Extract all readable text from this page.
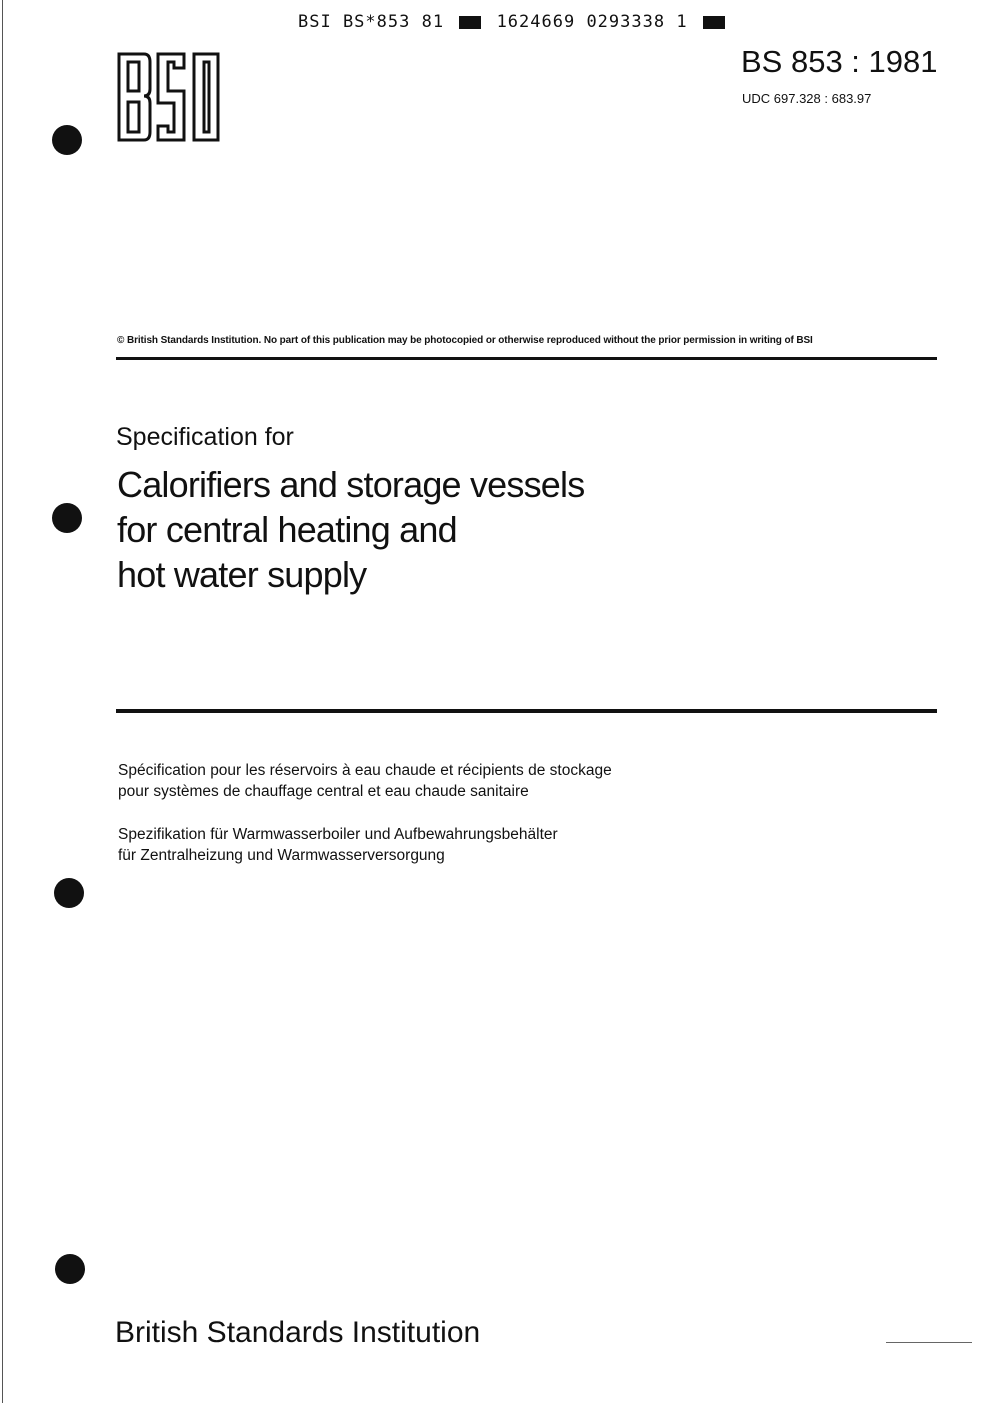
BSI BS*853 81	1624669 0293338 1
BS 853 : 1981
UDC 697.328 : 683.97
© British Standards Institution. No part of this publication may be photocopied or otherwise reproduced without the prior permission in writing of BSI
Specification for
Calorifiers and storage vessels
for central heating and
hot water supply
Spécification pour les réservoirs à eau chaude et récipients de stockage
pour systèmes de chauffage central et eau chaude sanitaire
Spezifikation für Warmwasserboiler und Aufbewahrungsbehälter
für Zentralheizung und Warmwasserversorgung
British Standards Institution
